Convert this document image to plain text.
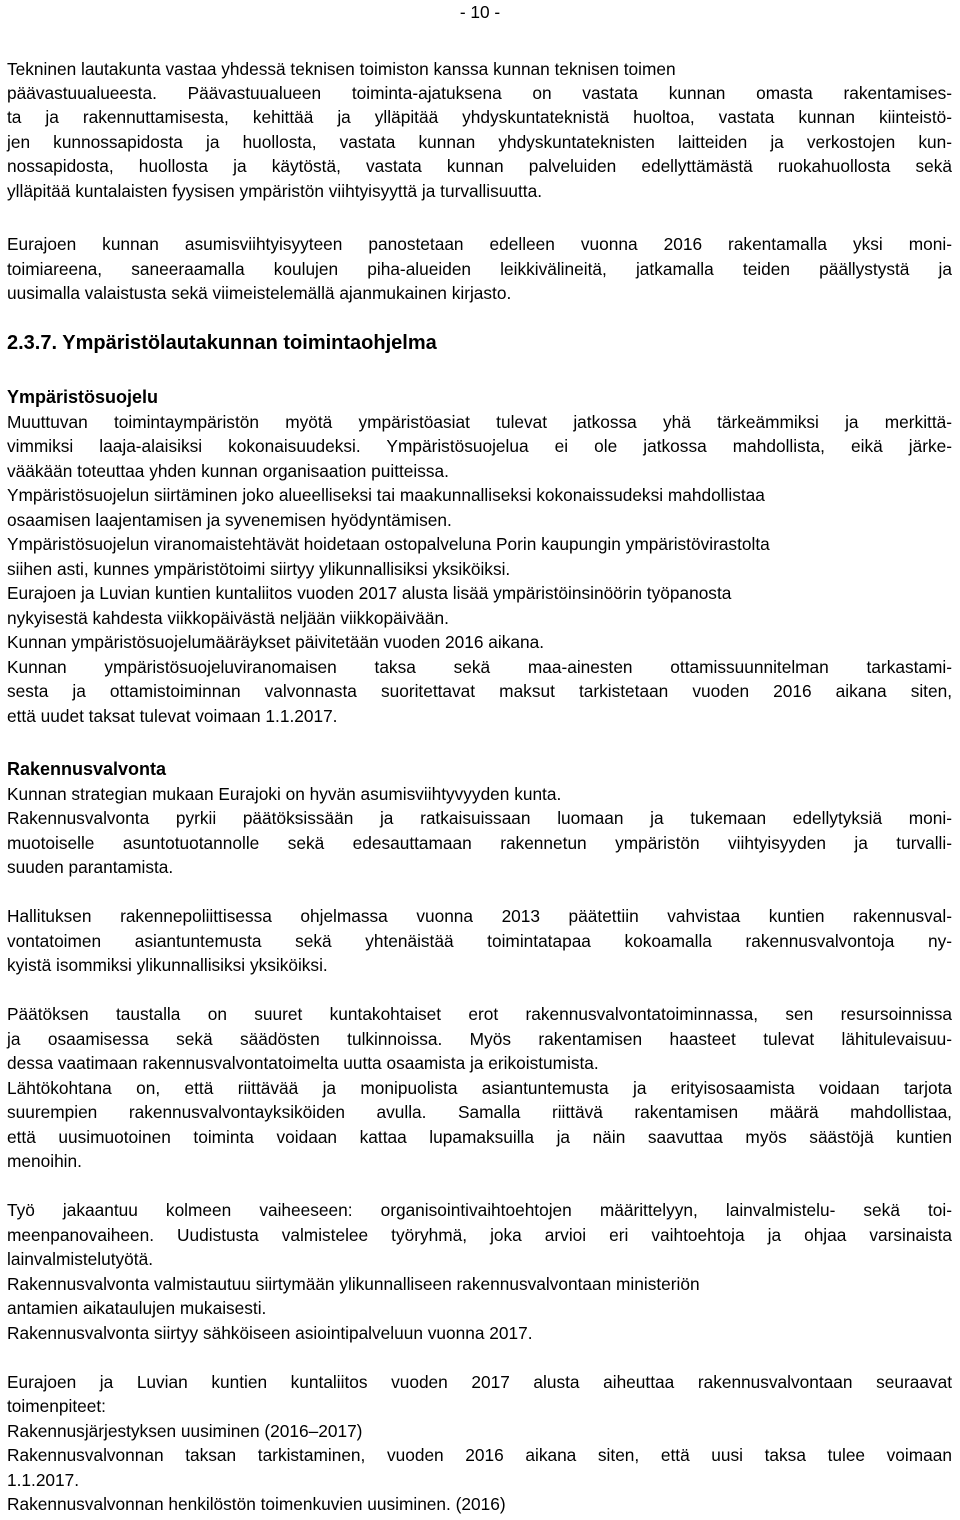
- 10 -
Tekninen lautakunta vastaa yhdessä teknisen toimiston kanssa kunnan teknisen toimen
päävastuualueesta. Päävastuualueen toiminta-ajatuksena on vastata kunnan omasta rakentamises-
ta ja rakennuttamisesta, kehittää ja ylläpitää yhdyskuntateknistä huoltoa, vastata kunnan kiinteistö-
jen kunnossapidosta ja huollosta, vastata kunnan yhdyskuntateknisten laitteiden ja verkostojen kun-
nossapidosta, huollosta ja käytöstä, vastata kunnan palveluiden edellyttämästä ruokahuollosta sekä
ylläpitää kuntalaisten fyysisen ympäristön viihtyisyyttä ja turvallisuutta.
Eurajoen kunnan asumisviihtyisyyteen panostetaan edelleen vuonna 2016 rakentamalla yksi moni-
toimiareena, saneeraamalla koulujen piha-alueiden leikkivälineitä, jatkamalla teiden päällystystä ja
uusimalla valaistusta sekä viimeistelemällä ajanmukainen kirjasto.
2.3.7. Ympäristölautakunnan toimintaohjelma
Ympäristösuojelu
Muuttuvan toimintaympäristön myötä ympäristöasiat tulevat jatkossa yhä tärkeämmiksi ja merkittä-
vimmiksi laaja-alaisiksi kokonaisuudeksi. Ympäristösuojelua ei ole jatkossa mahdollista, eikä järke-
vääkään toteuttaa yhden kunnan organisaation puitteissa.
Ympäristösuojelun siirtäminen joko alueelliseksi tai maakunnalliseksi kokonaissudeksi mahdollistaa
osaamisen laajentamisen ja syvenemisen hyödyntämisen.
Ympäristösuojelun viranomaistehtävät hoidetaan ostopalveluna Porin kaupungin ympäristövirastolta
siihen asti, kunnes ympäristötoimi siirtyy ylikunnallisiksi yksiköiksi.
Eurajoen ja Luvian kuntien kuntaliitos vuoden 2017 alusta lisää ympäristöinsinöörin työpanosta
nykyisestä kahdesta viikkopäivästä neljään viikkopäivään.
Kunnan ympäristösuojelumääräykset päivitetään vuoden 2016 aikana.
Kunnan ympäristösuojeluviranomaisen taksa sekä maa-ainesten ottamissuunnitelman tarkastami-
sesta ja ottamistoiminnan valvonnasta suoritettavat maksut tarkistetaan vuoden 2016 aikana siten,
että uudet taksat tulevat voimaan 1.1.2017.
Rakennusvalvonta
Kunnan strategian mukaan Eurajoki on hyvän asumisviihtyvyyden kunta.
Rakennusvalvonta pyrkii päätöksissään ja ratkaisuissaan luomaan ja tukemaan edellytyksiä moni-
muotoiselle asuntotuotannolle sekä edesauttamaan rakennetun ympäristön viihtyisyyden ja turvalli-
suuden parantamista.
Hallituksen rakennepoliittisessa ohjelmassa vuonna 2013 päätettiin vahvistaa kuntien rakennusval-
vontatoimen asiantuntemusta sekä yhtenäistää toimintatapaa kokoamalla rakennusvalvontoja ny-
kyistä isommiksi ylikunnallisiksi yksiköiksi.
Päätöksen taustalla on suuret kuntakohtaiset erot rakennusvalvontatoiminnassa, sen resursoinnissa
ja osaamisessa sekä säädösten tulkinnoissa. Myös rakentamisen haasteet tulevat lähitulevaisuu-
dessa vaatimaan rakennusvalvontatoimelta uutta osaamista ja erikoistumista.
Lähtökohtana on, että riittävää ja monipuolista asiantuntemusta ja erityisosaamista voidaan tarjota
suurempien rakennusvalvontayksiköiden avulla. Samalla riittävä rakentamisen määrä mahdollistaa,
että uusimuotoinen toiminta voidaan kattaa lupamaksuilla ja näin saavuttaa myös säästöjä kuntien
menoihin.
Työ jakaantuu kolmeen vaiheeseen: organisointivaihtoehtojen määrittelyyn, lainvalmistelu- sekä toi-
meenpanovaiheen. Uudistusta valmistelee työryhmä, joka arvioi eri vaihtoehtoja ja ohjaa varsinaista
lainvalmistelutyötä.
Rakennusvalvonta valmistautuu siirtymään ylikunnalliseen rakennusvalvontaan ministeriön
antamien aikataulujen mukaisesti.
Rakennusvalvonta siirtyy sähköiseen asiointipalveluun vuonna 2017.
Eurajoen ja Luvian kuntien kuntaliitos vuoden 2017 alusta aiheuttaa rakennusvalvontaan seuraavat
toimenpiteet:
Rakennusjärjestyksen uusiminen (2016–2017)
Rakennusvalvonnan taksan tarkistaminen, vuoden 2016 aikana siten, että uusi taksa tulee voimaan
1.1.2017.
Rakennusvalvonnan henkilöstön toimenkuvien uusiminen. (2016)
